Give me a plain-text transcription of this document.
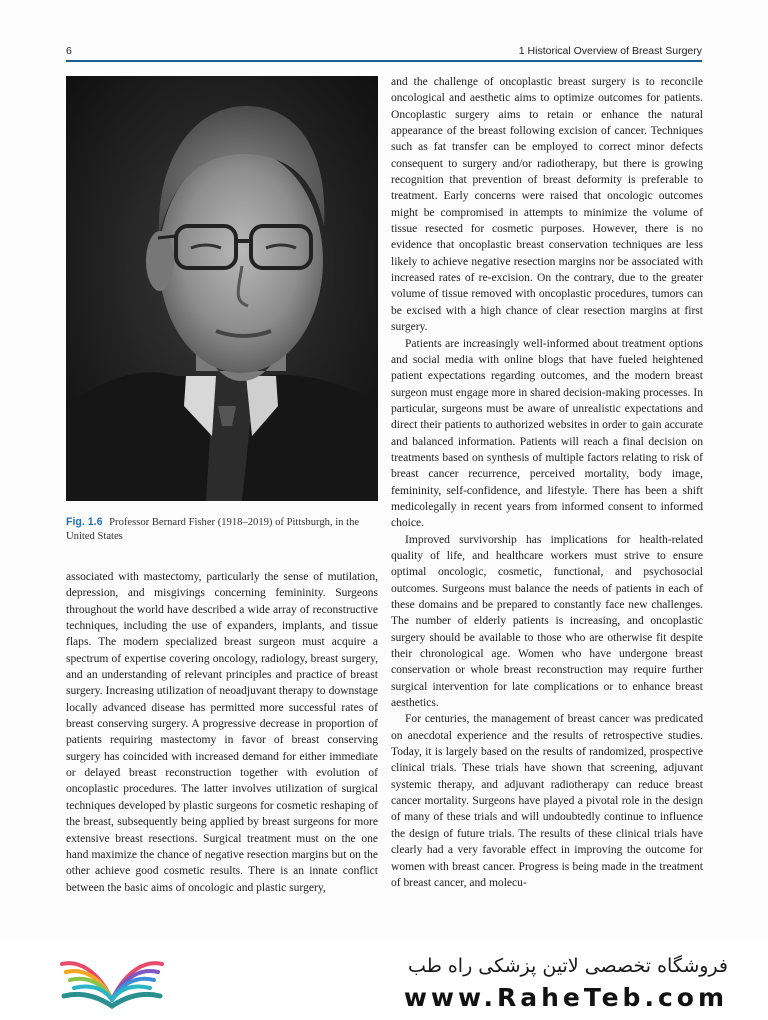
6	1 Historical Overview of Breast Surgery
Fig. 1.6 Professor Bernard Fisher (1918–2019) of Pittsburgh, in the United States

associated with mastectomy, particularly the sense of mutilation, depression, and misgivings concerning femininity. Surgeons throughout the world have described a wide array of reconstructive techniques, including the use of expanders, implants, and tissue flaps. The modern specialized breast surgeon must acquire a spectrum of expertise covering oncology, radiology, breast surgery, and an understanding of relevant principles and practice of breast surgery. Increasing utilization of neoadjuvant therapy to downstage locally advanced disease has permitted more successful rates of breast conserving surgery. A progressive decrease in proportion of patients requiring mastectomy in favor of breast conserving surgery has coincided with increased demand for either immediate or delayed breast reconstruction together with evolution of oncoplastic procedures. The latter involves utilization of surgical techniques developed by plastic surgeons for cosmetic reshaping of the breast, subsequently being applied by breast surgeons for more extensive breast resections. Surgical treatment must on the one hand maximize the chance of negative resection margins but on the other achieve good cosmetic results. There is an innate conflict between the basic aims of oncologic and plastic surgery,

and the challenge of oncoplastic breast surgery is to reconcile oncological and aesthetic aims to optimize outcomes for patients. Oncoplastic surgery aims to retain or enhance the natural appearance of the breast following excision of cancer. Techniques such as fat transfer can be employed to correct minor defects consequent to surgery and/or radiotherapy, but there is growing recognition that prevention of breast deformity is preferable to treatment. Early concerns were raised that oncologic outcomes might be compromised in attempts to minimize the volume of tissue resected for cosmetic purposes. However, there is no evidence that oncoplastic breast conservation techniques are less likely to achieve negative resection margins nor be associated with increased rates of re-excision. On the contrary, due to the greater volume of tissue removed with oncoplastic procedures, tumors can be excised with a high chance of clear resection margins at first surgery.

Patients are increasingly well-informed about treatment options and social media with online blogs that have fueled heightened patient expectations regarding outcomes, and the modern breast surgeon must engage more in shared decision-making processes. In particular, surgeons must be aware of unrealistic expectations and direct their patients to authorized websites in order to gain accurate and balanced information. Patients will reach a final decision on treatments based on synthesis of multiple factors relating to risk of breast cancer recurrence, perceived mortality, body image, femininity, self-confidence, and lifestyle. There has been a shift medicolegally in recent years from informed consent to informed choice.

Improved survivorship has implications for health-related quality of life, and healthcare workers must strive to ensure optimal oncologic, cosmetic, functional, and psychosocial outcomes. Surgeons must balance the needs of patients in each of these domains and be prepared to constantly face new challenges. The number of elderly patients is increasing, and oncoplastic surgery should be available to those who are otherwise fit despite their chronological age. Women who have undergone breast conservation or whole breast reconstruction may require further surgical intervention for late complications or to enhance breast aesthetics.

For centuries, the management of breast cancer was predicated on anecdotal experience and the results of retrospective studies. Today, it is largely based on the results of randomized, prospective clinical trials. These trials have shown that screening, adjuvant systemic therapy, and adjuvant radiotherapy can reduce breast cancer mortality. Surgeons have played a pivotal role in the design of many of these trials and will undoubtedly continue to influence the design of future trials. The results of these clinical trials have clearly had a very favorable effect in improving the outcome for women with breast cancer. Progress is being made in the treatment of breast cancer, and molecu-

فروشگاه تخصصی لاتین پزشکی راه طب
www.RaheTeb.com
